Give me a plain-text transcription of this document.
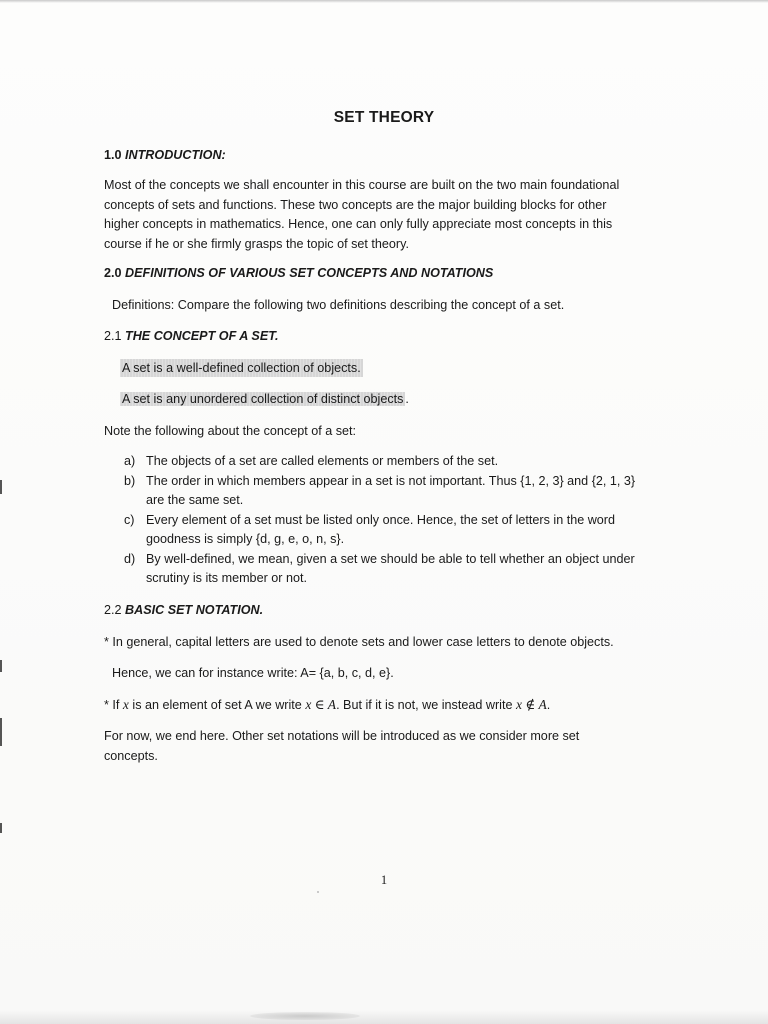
SET THEORY
1.0 INTRODUCTION:

Most of the concepts we shall encounter in this course are built on the two main foundational
concepts of sets and functions. These two concepts are the major building blocks for other
higher concepts in mathematics. Hence, one can only fully appreciate most concepts in this
course if he or she firmly grasps the topic of set theory.

2.0 DEFINITIONS OF VARIOUS SET CONCEPTS AND NOTATIONS

Definitions: Compare the following two definitions describing the concept of a set.

2.1 THE CONCEPT OF A SET.

A set is a well-defined collection of objects.

A set is any unordered collection of distinct objects .

Note the following about the concept of a set:

a) The objects of a set are called elements or members of the set.
b) The order in which members appear in a set is not important. Thus {1, 2, 3} and {2, 1, 3}
are the same set.
c) Every element of a set must be listed only once. Hence, the set of letters in the word
goodness is simply {d, g, e, o, n, s}.
d) By well-defined, we mean, given a set we should be able to tell whether an object under
scrutiny is its member or not.
2.2 BASIC SET NOTATION.

* In general, capital letters are used to denote sets and lower case letters to denote objects.

Hence, we can for instance write: A= {a, b, c, d, e}.

* If x is an element of set A we write x ∈ A. But if it is not, we instead write x ∉ A.

For now, we end here. Other set notations will be introduced as we consider more set
concepts.

1
